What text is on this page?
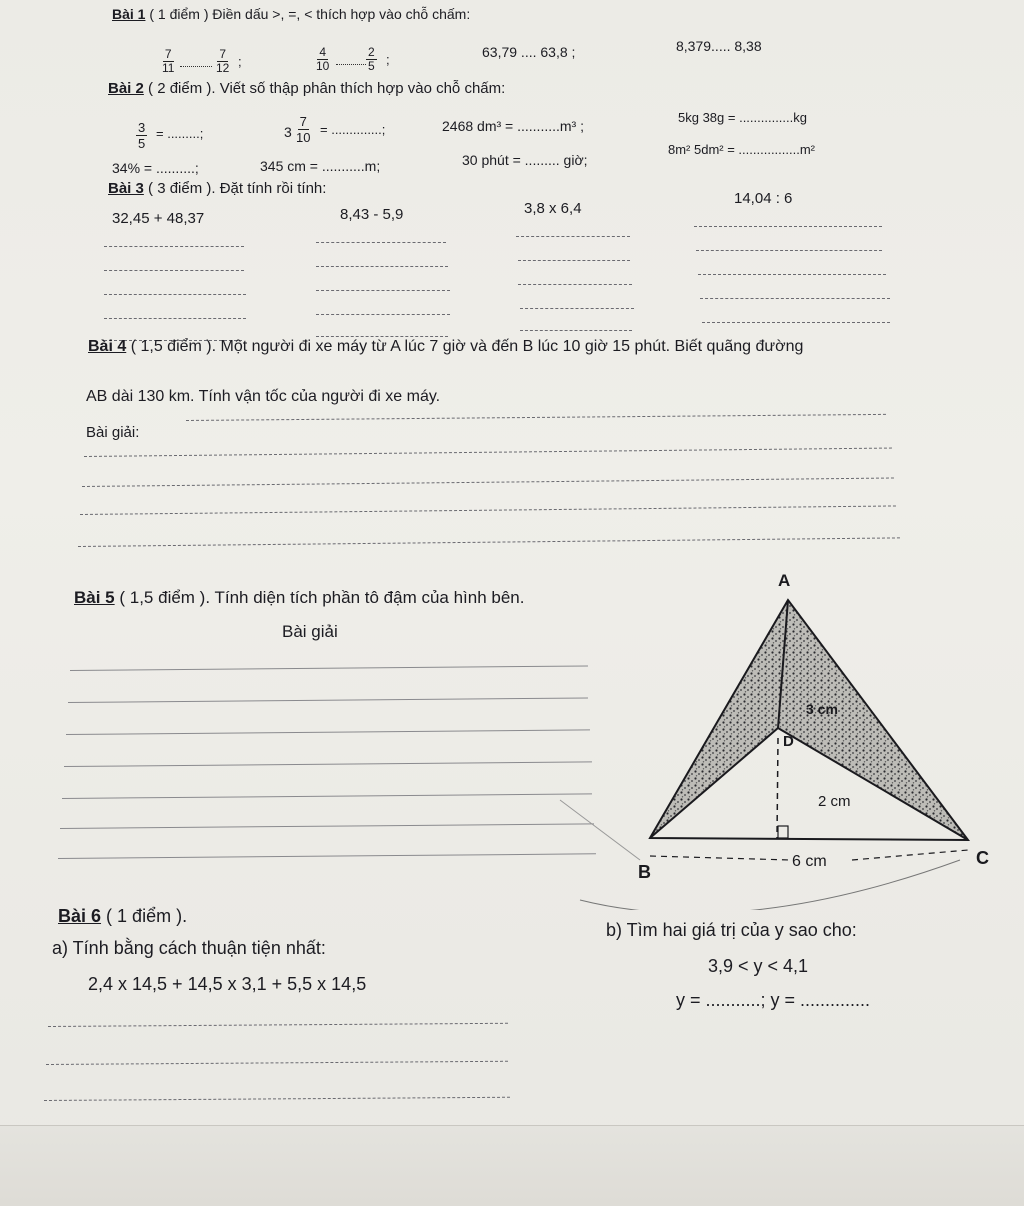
Bài 1 ( 1 điểm ) Điền dấu >, =, < thích hợp vào chỗ chấm:
$\frac{7}{11}$	$\frac{7}{12}$ ;	$\frac{4}{10}$	$\frac{2}{5}$ ;	63,79 .... 63,8 ;	8,379..... 8,38
Bài 2 ( 2 điểm ). Viết số thập phân thích hợp vào chỗ chấm:
$\frac{3}{5}$ = .........;	$3 \frac{7}{10}$ = ..............;	2468 dm³ = ...........m³ ;
5kg 38g = ...............kg
34% = ..........;	345 cm = ...........m;	30 phút = ......... giờ;
8m² 5dm² = .................m²
Bài 3 ( 3 điểm ). Đặt tính rồi tính:
32,45 + 48,37	8,43 - 5,9	3,8 x 6,4
14,04 : 6
Bài 4 ( 1,5 điểm ). Một người đi xe máy từ A lúc 7 giờ và đến B lúc 10 giờ 15 phút. Biết quãng đường
AB dài 130 km. Tính vận tốc của người đi xe máy.
Bài giải:
Bài 5 ( 1,5 điểm ). Tính diện tích phần tô đậm của hình bên.
Bài giải
A
B
C
D
3 cm
2 cm
6 cm
Bài 6 ( 1 điểm ).
a) Tính bằng cách thuận tiện nhất:
2,4 x 14,5 + 14,5 x 3,1 + 5,5 x 14,5
b) Tìm hai giá trị của y sao cho:
3,9 < y < 4,1
y = ...........; y = ..............
